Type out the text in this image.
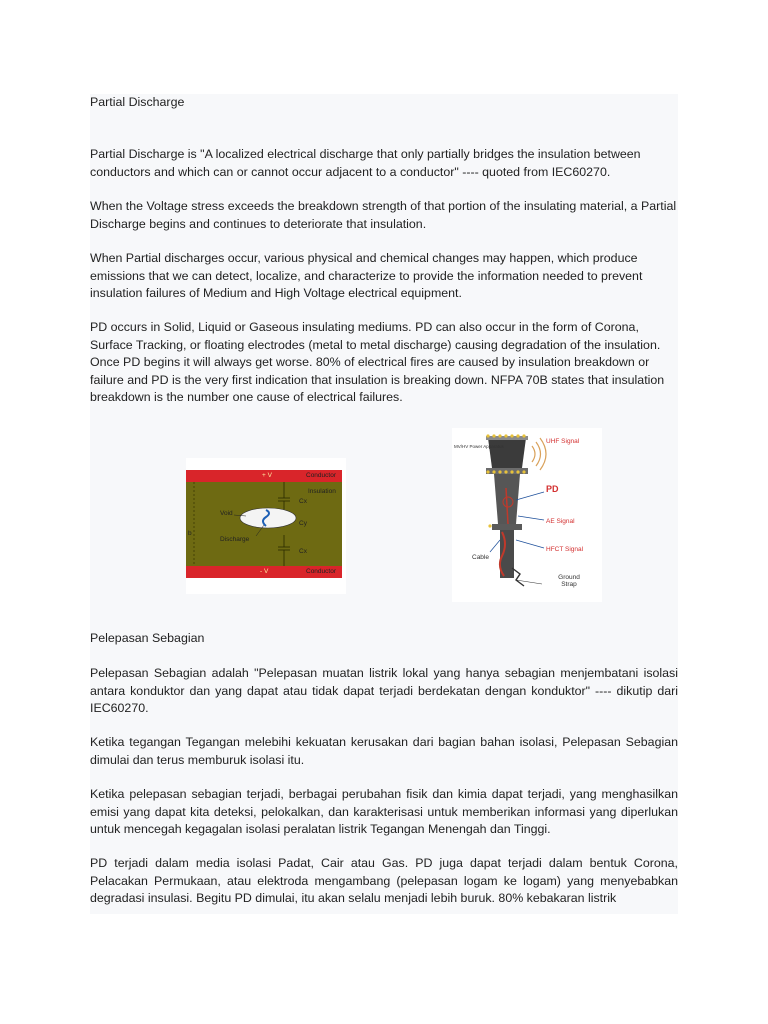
Partial Discharge

Partial Discharge is "A localized electrical discharge that only partially bridges the insulation between conductors and which can or cannot occur adjacent to a conductor" ---- quoted from IEC60270.

When the Voltage stress exceeds the breakdown strength of that portion of the insulating material, a Partial Discharge begins and continues to deteriorate that insulation.

When Partial discharges occur, various physical and chemical changes may happen, which produce emissions that we can detect, localize, and characterize to provide the information needed to prevent insulation failures of Medium and High Voltage electrical equipment.

PD occurs in Solid, Liquid or Gaseous insulating mediums. PD can also occur in the form of Corona, Surface Tracking, or floating electrodes (metal to metal discharge) causing degradation of the insulation. Once PD begins it will always get worse. 80% of electrical fires are caused by insulation breakdown or failure and PD is the very first indication that insulation is breaking down. NFPA 70B states that insulation breakdown is the number one cause of electrical failures.

+ V	Conductor
Insulation
Cx
Cy
Cx
Void
Discharge
b
- V	Conductor
MV/HV Power Apparatus
UHF Signal
PD
AE Signal
HFCT Signal
Cable
Ground Strap

Pelepasan Sebagian

Pelepasan Sebagian adalah "Pelepasan muatan listrik lokal yang hanya sebagian menjembatani isolasi antara konduktor dan yang dapat atau tidak dapat terjadi berdekatan dengan konduktor" ---- dikutip dari IEC60270.

Ketika tegangan Tegangan melebihi kekuatan kerusakan dari bagian bahan isolasi, Pelepasan Sebagian dimulai dan terus memburuk isolasi itu.

Ketika pelepasan sebagian terjadi, berbagai perubahan fisik dan kimia dapat terjadi, yang menghasilkan emisi yang dapat kita deteksi, pelokalkan, dan karakterisasi untuk memberikan informasi yang diperlukan untuk mencegah kegagalan isolasi peralatan listrik Tegangan Menengah dan Tinggi.

PD terjadi dalam media isolasi Padat, Cair atau Gas. PD juga dapat terjadi dalam bentuk Corona, Pelacakan Permukaan, atau elektroda mengambang (pelepasan logam ke logam) yang menyebabkan degradasi insulasi. Begitu PD dimulai, itu akan selalu menjadi lebih buruk. 80% kebakaran listrik
